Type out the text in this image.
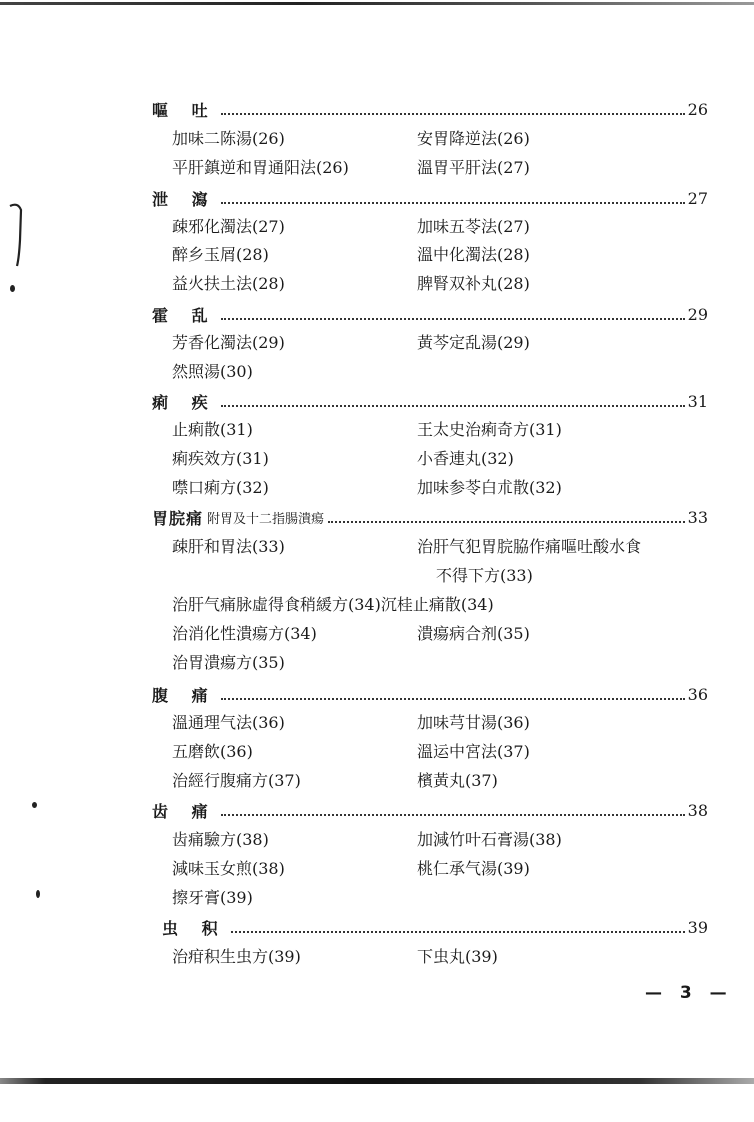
嘔 吐	26
加味二陈湯(26)	安胃降逆法(26)
平肝鎮逆和胃通阳法(26)	溫胃平肝法(27)
泄 瀉	27
疎邪化濁法(27)	加味五苓法(27)
醉乡玉屑(28)	溫中化濁法(28)
益火扶土法(28)	脾腎双补丸(28)
霍 乱	29
芳香化濁法(29)	黃芩定乱湯(29)
然照湯(30)
痢 疾	31
止痢散(31)	王太史治痢奇方(31)
痢疾效方(31)	小香連丸(32)
噤口痢方(32)	加味参苓白朮散(32)
胃脘痛 附胃及十二指腸潰瘍	33
疎肝和胃法(33)	治肝气犯胃脘脇作痛嘔吐酸水食
不得下方(33)
治肝气痛脉虛得食稍緩方(34)沉桂止痛散(34)
治消化性潰瘍方(34)	潰瘍病合剂(35)
治胃潰瘍方(35)
腹 痛	36
溫通理气法(36)	加味芎甘湯(36)
五磨飲(36)	溫运中宮法(37)
治經行腹痛方(37)	檳黃丸(37)
齿 痛	38
齿痛驗方(38)	加減竹叶石膏湯(38)
減味玉女煎(38)	桃仁承气湯(39)
擦牙膏(39)
虫 积	39
治疳积生虫方(39)	下虫丸(39)
— 3 —
